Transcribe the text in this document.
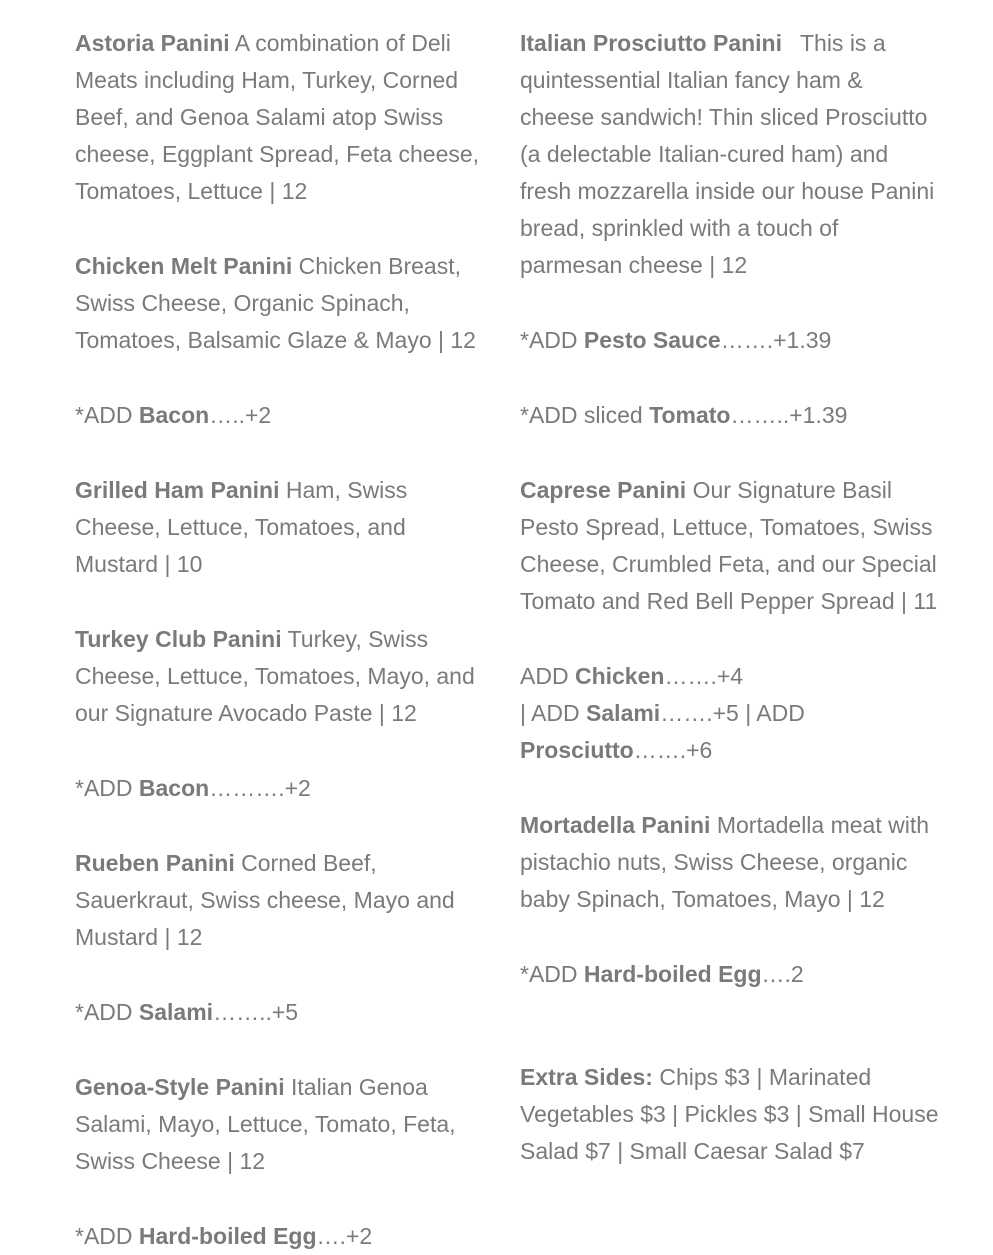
Astoria Panini A combination of Deli Meats including Ham, Turkey, Corned Beef, and Genoa Salami atop Swiss cheese, Eggplant Spread, Feta cheese, Tomatoes, Lettuce | 12

Chicken Melt Panini Chicken Breast, Swiss Cheese, Organic Spinach, Tomatoes, Balsamic Glaze & Mayo | 12

*ADD Bacon…..+2

Grilled Ham Panini Ham, Swiss Cheese, Lettuce, Tomatoes, and Mustard | 10

Turkey Club Panini Turkey, Swiss Cheese, Lettuce, Tomatoes, Mayo, and our Signature Avocado Paste | 12

*ADD Bacon……….+2

Rueben Panini Corned Beef, Sauerkraut, Swiss cheese, Mayo and Mustard | 12

*ADD Salami……..+5

Genoa-Style Panini Italian Genoa Salami, Mayo, Lettuce, Tomato, Feta, Swiss Cheese | 12

*ADD Hard-boiled Egg….+2

Italian Prosciutto Panini This is a quintessential Italian fancy ham & cheese sandwich! Thin sliced Prosciutto (a delectable Italian-cured ham) and fresh mozzarella inside our house Panini bread, sprinkled with a touch of parmesan cheese | 12

*ADD Pesto Sauce…….+1.39

*ADD sliced Tomato……..+1.39

Caprese Panini Our Signature Basil Pesto Spread, Lettuce, Tomatoes, Swiss Cheese, Crumbled Feta, and our Special Tomato and Red Bell Pepper Spread | 11

ADD Chicken…….+4
| ADD Salami…….+5 | ADD
Prosciutto…….+6

Mortadella Panini Mortadella meat with pistachio nuts, Swiss Cheese, organic baby Spinach, Tomatoes, Mayo | 12

*ADD Hard-boiled Egg….2

Extra Sides: Chips $3 | Marinated Vegetables $3 | Pickles $3 | Small House Salad $7 | Small Caesar Salad $7
